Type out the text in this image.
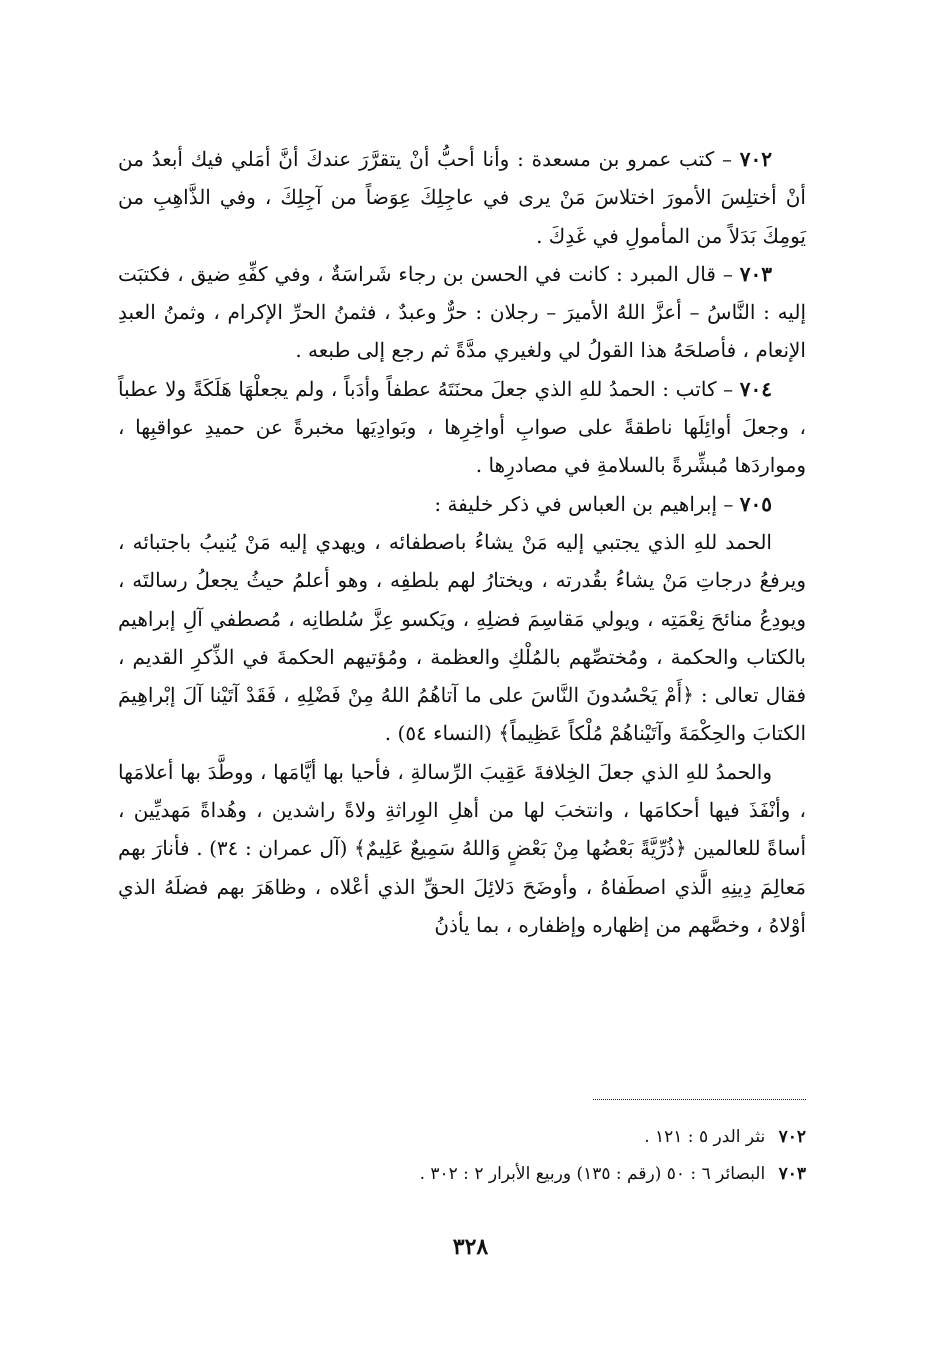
٧٠٢ – كتب عمرو بن مسعدة : وأنا أحبُّ أنْ يتقرَّرَ عندكَ أنَّ أمَلي فيك أبعدُ من أنْ أختلِسَ الأمورَ اختلاسَ مَنْ يرى في عاجِلِكَ عِوَضاً من آجِلِكَ ، وفي الذَّاهِبِ من يَومِكَ بَدَلاً من المأمولِ في غَدِكَ .

٧٠٣ – قال المبرد : كانت في الحسن بن رجاء شَراسَةٌ ، وفي كفِّهِ ضيق ، فكتبَت إليه : النَّاسُ – أعزَّ اللهُ الأميرَ – رجلان : حرٌّ وعبدٌ ، فثمنُ الحرِّ الإكرام ، وثمنُ العبدِ الإنعام ، فأصلحَهُ هذا القولُ لي ولغيري مدَّةً ثم رجع إلى طبعه .

٧٠٤ – كاتب : الحمدُ للهِ الذي جعلَ محنَتَهُ عطفاً وأدَباً ، ولم يجعلْهَا هَلَكَةً ولا عطباً ، وجعلَ أوائِلَها ناطقةً على صوابِ أواخِرِها ، وبَوادِيَها مخبرةً عن حميدِ عواقبِها ، ومواردَها مُبشِّرةً بالسلامةِ في مصادرِها .

٧٠٥ – إبراهيم بن العباس في ذكر خليفة :

الحمد للهِ الذي يجتبي إليه مَنْ يشاءُ باصطفائه ، ويهدي إليه مَنْ يُنيبُ باجتبائه ، ويرفعُ درجاتِ مَنْ يشاءُ بقُدرته ، ويختارُ لهم بلطفِه ، وهو أعلمُ حيثُ يجعلُ رسالتَه ، ويودِعُ منائحَ نِعْمَتِه ، ويولي مَقاسِمَ فضلِهِ ، ويَكسو عِزَّ سُلطانِه ، مُصطفي آلِ إبراهيم بالكتاب والحكمة ، ومُختصِّهم بالمُلْكِ والعظمة ، ومُؤتيهم الحكمةَ في الذِّكرِ القديم ، فقال تعالى : ﴿أَمْ يَحْسُدونَ النَّاسَ على ما آتاهُمُ اللهُ مِنْ فَضْلِهِ ، فَقَدْ آتَيْنا آلَ إبْراهِيمَ الكتابَ والحِكْمَةَ وآتَيْناهُمْ مُلْكاً عَظِيماً﴾ (النساء ٥٤) .

والحمدُ للهِ الذي جعلَ الخِلافةَ عَقِيبَ الرِّسالةِ ، فأحيا بها أيَّامَها ، ووطَّدَ بها أعلامَها ، وأنْفَذَ فيها أحكامَها ، وانتخبَ لها من أهلِ الوِراثةِ ولاةً راشدين ، وهُداةً مَهديِّين ، أساةً للعالمين ﴿ذُرِّيَّةً بَعْضُها مِنْ بَعْضٍ وَاللهُ سَمِيعٌ عَلِيمٌ﴾ (آل عمران : ٣٤) . فأنارَ بهم مَعالِمَ دِينِهِ الَّذي اصطَفاهُ ، وأوضَحَ دَلائِلَ الحقِّ الذي أعْلاه ، وظاهَرَ بهم فضلَهُ الذي أوْلاهُ ، وخصَّهم من إظهاره وإظفاره ، بما يأذنُ

٧٠٢ نثر الدر ٥ : ١٢١ .
٧٠٣ البصائر ٦ : ٥٠ (رقم : ١٣٥) وربيع الأبرار ٢ : ٣٠٢ .
٣٢٨
